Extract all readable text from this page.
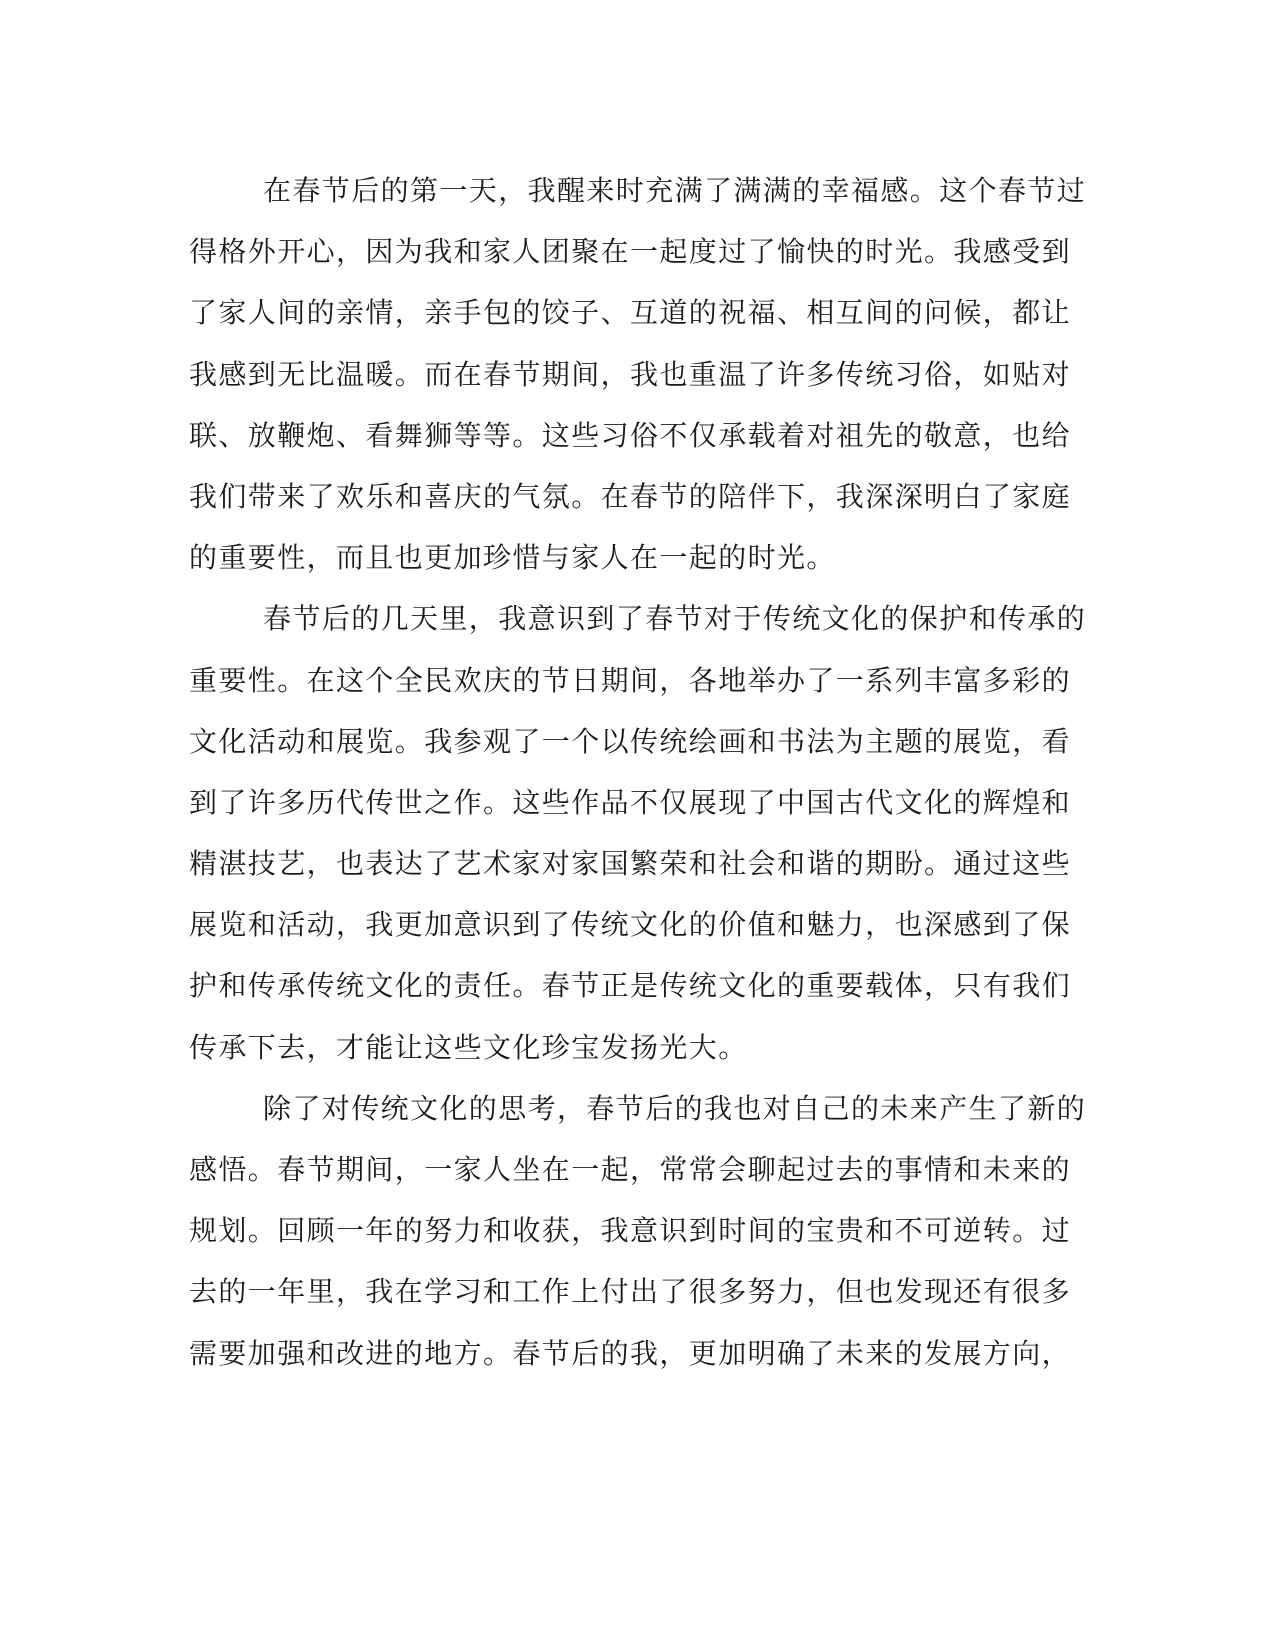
在春节后的第一天，我醒来时充满了满满的幸福感。这个春节过
得格外开心，因为我和家人团聚在一起度过了愉快的时光。我感受到
了家人间的亲情，亲手包的饺子、互道的祝福、相互间的问候，都让
我感到无比温暖。而在春节期间，我也重温了许多传统习俗，如贴对
联、放鞭炮、看舞狮等等。这些习俗不仅承载着对祖先的敬意，也给
我们带来了欢乐和喜庆的气氛。在春节的陪伴下，我深深明白了家庭
的重要性，而且也更加珍惜与家人在一起的时光。
春节后的几天里，我意识到了春节对于传统文化的保护和传承的
重要性。在这个全民欢庆的节日期间，各地举办了一系列丰富多彩的
文化活动和展览。我参观了一个以传统绘画和书法为主题的展览，看
到了许多历代传世之作。这些作品不仅展现了中国古代文化的辉煌和
精湛技艺，也表达了艺术家对家国繁荣和社会和谐的期盼。通过这些
展览和活动，我更加意识到了传统文化的价值和魅力，也深感到了保
护和传承传统文化的责任。春节正是传统文化的重要载体，只有我们
传承下去，才能让这些文化珍宝发扬光大。
除了对传统文化的思考，春节后的我也对自己的未来产生了新的
感悟。春节期间，一家人坐在一起，常常会聊起过去的事情和未来的
规划。回顾一年的努力和收获，我意识到时间的宝贵和不可逆转。过
去的一年里，我在学习和工作上付出了很多努力，但也发现还有很多
需要加强和改进的地方。春节后的我，更加明确了未来的发展方向，
